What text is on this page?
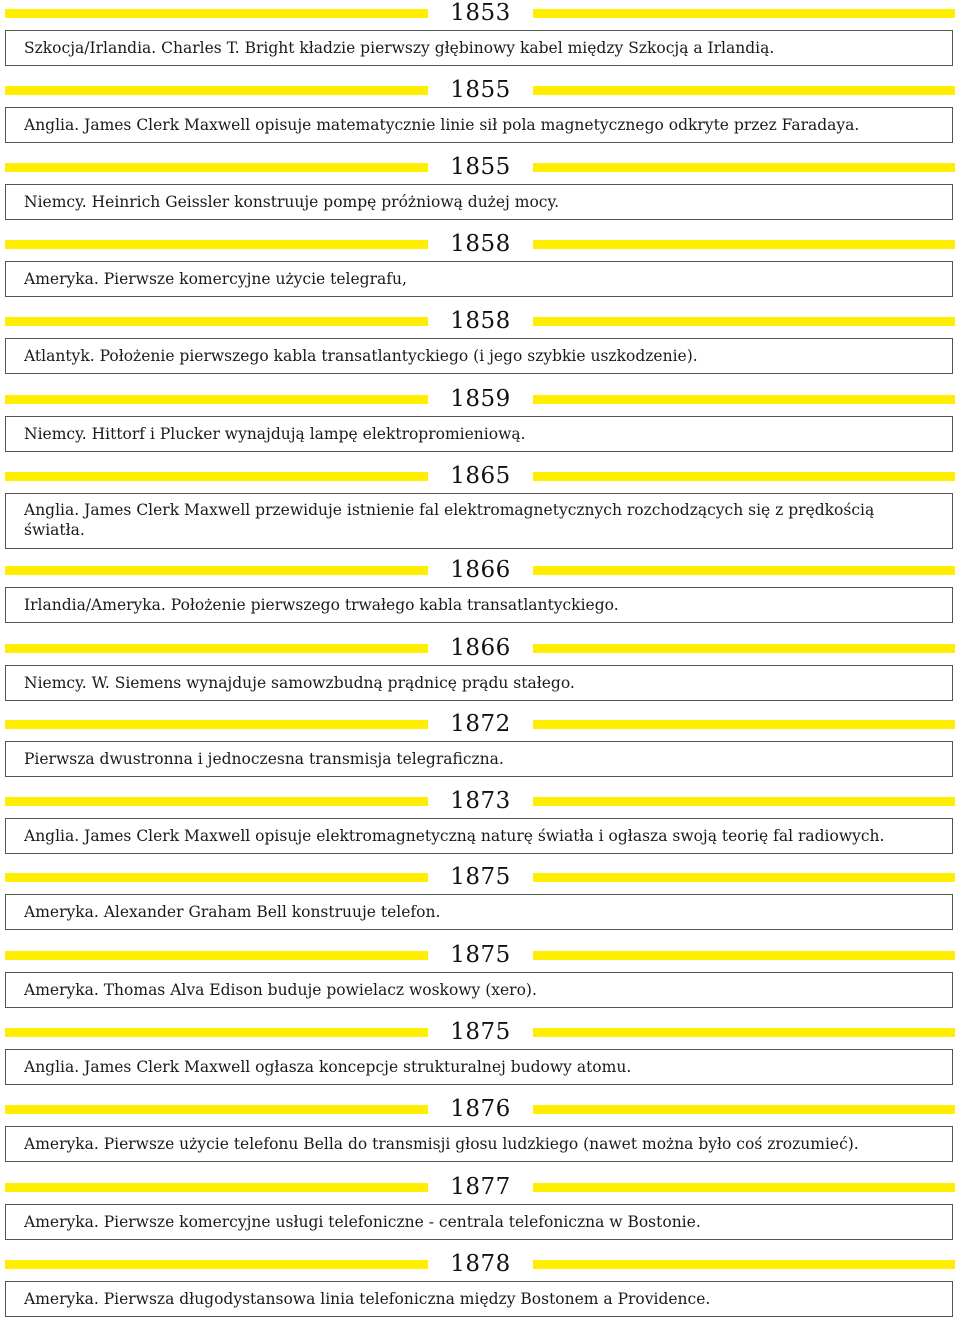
1853
Szkocja/Irlandia. Charles T. Bright kładzie pierwszy głębinowy kabel między Szkocją a Irlandią.
1855
Anglia. James Clerk Maxwell opisuje matematycznie linie sił pola magnetycznego odkryte przez Faradaya.
1855
Niemcy. Heinrich Geissler konstruuje pompę próżniową dużej mocy.
1858
Ameryka. Pierwsze komercyjne użycie telegrafu,
1858
Atlantyk. Położenie pierwszego kabla transatlantyckiego (i jego szybkie uszkodzenie).
1859
Niemcy. Hittorf i Plucker wynajdują lampę elektropromieniową.
1865
Anglia. James Clerk Maxwell przewiduje istnienie fal elektromagnetycznych rozchodzących się z prędkością światła.
1866
Irlandia/Ameryka. Położenie pierwszego trwałego kabla transatlantyckiego.
1866
Niemcy. W. Siemens wynajduje samowzbudną prądnicę prądu stałego.
1872
Pierwsza dwustronna i jednoczesna transmisja telegraficzna.
1873
Anglia. James Clerk Maxwell opisuje elektromagnetyczną naturę światła i ogłasza swoją teorię fal radiowych.
1875
Ameryka. Alexander Graham Bell konstruuje telefon.
1875
Ameryka. Thomas Alva Edison buduje powielacz woskowy (xero).
1875
Anglia. James Clerk Maxwell ogłasza koncepcje strukturalnej budowy atomu.
1876
Ameryka. Pierwsze użycie telefonu Bella do transmisji głosu ludzkiego (nawet można było coś zrozumieć).
1877
Ameryka. Pierwsze komercyjne usługi telefoniczne - centrala telefoniczna w Bostonie.
1878
Ameryka. Pierwsza długodystansowa linia telefoniczna między Bostonem a Providence.
